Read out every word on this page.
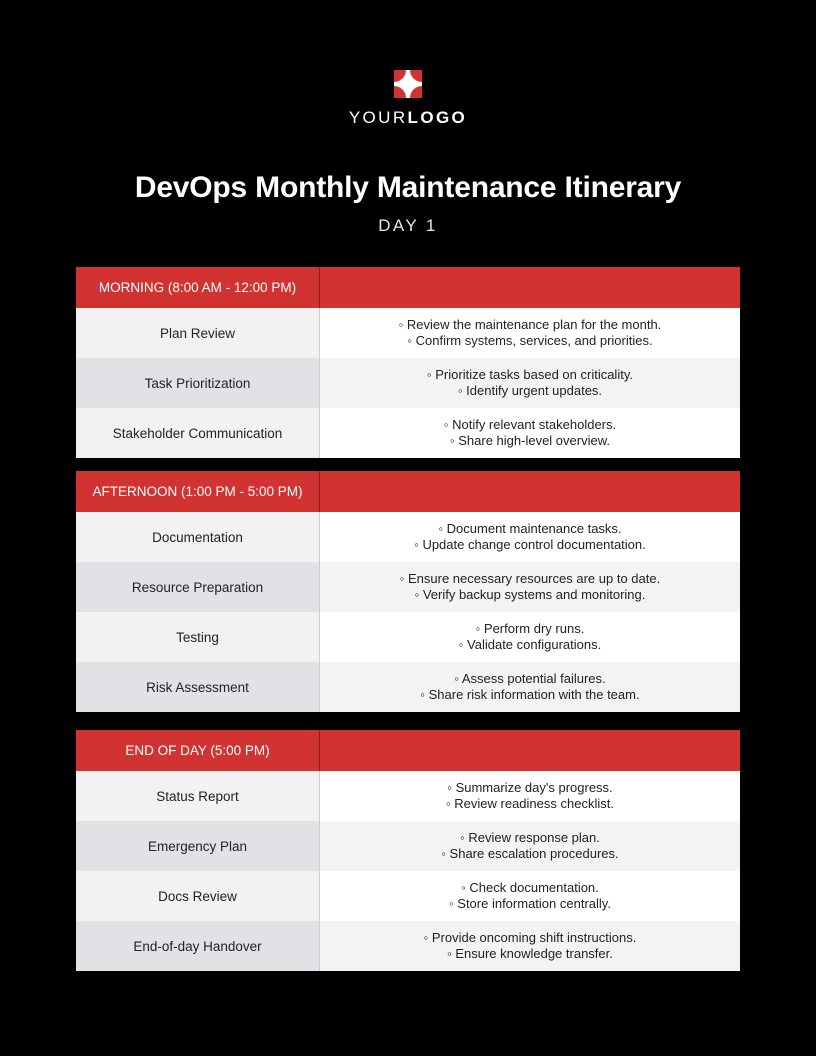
YOURLOGO
DevOps Monthly Maintenance Itinerary
DAY 1
MORNING (8:00 AM - 12:00 PM)
Plan Review
◦ Review the maintenance plan for the month.
◦ Confirm systems, services, and priorities.
Task Prioritization
◦ Prioritize tasks based on criticality.
◦ Identify urgent updates.
Stakeholder Communication
◦ Notify relevant stakeholders.
◦ Share high-level overview.
AFTERNOON (1:00 PM - 5:00 PM)
Documentation
◦ Document maintenance tasks.
◦ Update change control documentation.
Resource Preparation
◦ Ensure necessary resources are up to date.
◦ Verify backup systems and monitoring.
Testing
◦ Perform dry runs.
◦ Validate configurations.
Risk Assessment
◦ Assess potential failures.
◦ Share risk information with the team.
END OF DAY (5:00 PM)
Status Report
◦ Summarize day's progress.
◦ Review readiness checklist.
Emergency Plan
◦ Review response plan.
◦ Share escalation procedures.
Docs Review
◦ Check documentation.
◦ Store information centrally.
End-of-day Handover
◦ Provide oncoming shift instructions.
◦ Ensure knowledge transfer.
